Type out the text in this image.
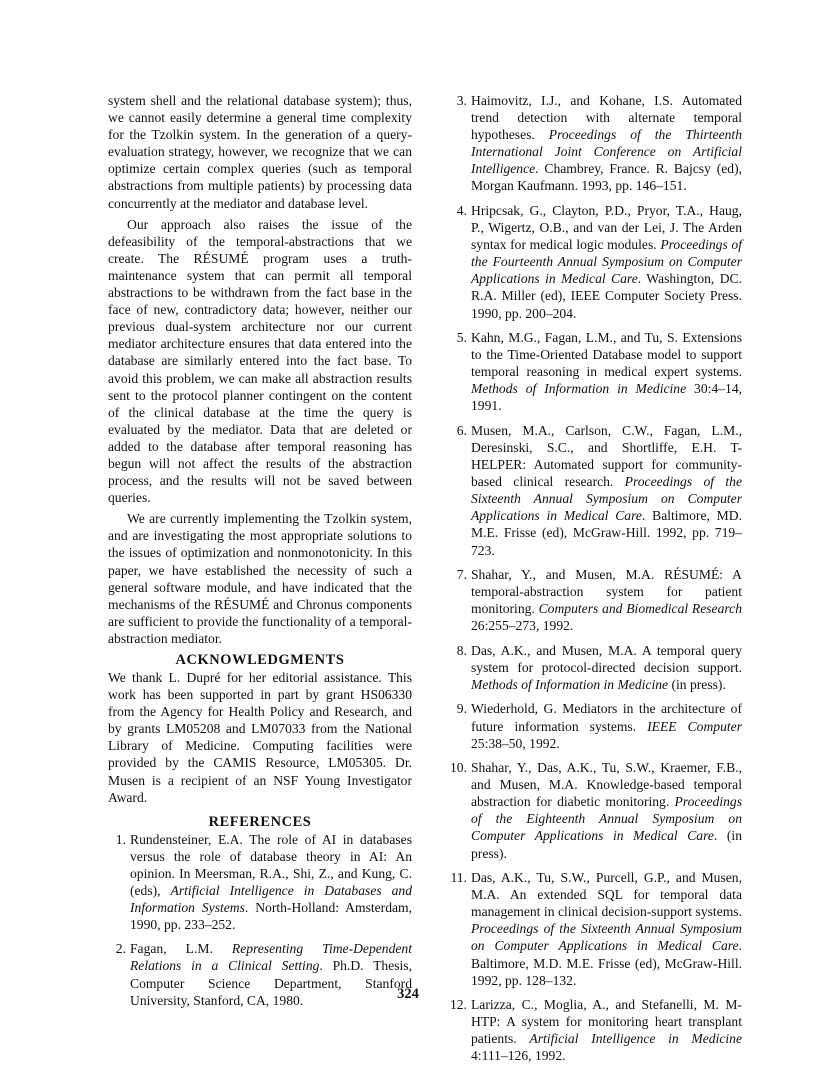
system shell and the relational database system); thus, we cannot easily determine a general time complexity for the Tzolkin system. In the generation of a query-evaluation strategy, however, we recognize that we can optimize certain complex queries (such as temporal abstractions from multiple patients) by processing data concurrently at the mediator and database level.

Our approach also raises the issue of the defeasibility of the temporal-abstractions that we create. The RÉSUMÉ program uses a truth-maintenance system that can permit all temporal abstractions to be withdrawn from the fact base in the face of new, contradictory data; however, neither our previous dual-system architecture nor our current mediator architecture ensures that data entered into the database are similarly entered into the fact base. To avoid this problem, we can make all abstraction results sent to the protocol planner contingent on the content of the clinical database at the time the query is evaluated by the mediator. Data that are deleted or added to the database after temporal reasoning has begun will not affect the results of the abstraction process, and the results will not be saved between queries.

We are currently implementing the Tzolkin system, and are investigating the most appropriate solutions to the issues of optimization and nonmonotonicity. In this paper, we have established the necessity of such a general software module, and have indicated that the mechanisms of the RÉSUMÉ and Chronus components are sufficient to provide the functionality of a temporal-abstraction mediator.

ACKNOWLEDGMENTS

We thank L. Dupré for her editorial assistance. This work has been supported in part by grant HS06330 from the Agency for Health Policy and Research, and by grants LM05208 and LM07033 from the National Library of Medicine. Computing facilities were provided by the CAMIS Resource, LM05305. Dr. Musen is a recipient of an NSF Young Investigator Award.

REFERENCES
1. Rundensteiner, E.A. The role of AI in databases versus the role of database theory in AI: An opinion. In Meersman, R.A., Shi, Z., and Kung, C. (eds), Artificial Intelligence in Databases and Information Systems. North-Holland: Amsterdam, 1990, pp. 233–252.
2. Fagan, L.M. Representing Time-Dependent Relations in a Clinical Setting. Ph.D. Thesis, Computer Science Department, Stanford University, Stanford, CA, 1980.
3. Haimovitz, I.J., and Kohane, I.S. Automated trend detection with alternate temporal hypotheses. Proceedings of the Thirteenth International Joint Conference on Artificial Intelligence. Chambrey, France. R. Bajcsy (ed), Morgan Kaufmann. 1993, pp. 146–151.
4. Hripcsak, G., Clayton, P.D., Pryor, T.A., Haug, P., Wigertz, O.B., and van der Lei, J. The Arden syntax for medical logic modules. Proceedings of the Fourteenth Annual Symposium on Computer Applications in Medical Care. Washington, DC. R.A. Miller (ed), IEEE Computer Society Press. 1990, pp. 200–204.
5. Kahn, M.G., Fagan, L.M., and Tu, S. Extensions to the Time-Oriented Database model to support temporal reasoning in medical expert systems. Methods of Information in Medicine 30:4–14, 1991.
6. Musen, M.A., Carlson, C.W., Fagan, L.M., Deresinski, S.C., and Shortliffe, E.H. T-HELPER: Automated support for community-based clinical research. Proceedings of the Sixteenth Annual Symposium on Computer Applications in Medical Care. Baltimore, MD. M.E. Frisse (ed), McGraw-Hill. 1992, pp. 719–723.
7. Shahar, Y., and Musen, M.A. RÉSUMÉ: A temporal-abstraction system for patient monitoring. Computers and Biomedical Research 26:255–273, 1992.
8. Das, A.K., and Musen, M.A. A temporal query system for protocol-directed decision support. Methods of Information in Medicine (in press).
9. Wiederhold, G. Mediators in the architecture of future information systems. IEEE Computer 25:38–50, 1992.
10. Shahar, Y., Das, A.K., Tu, S.W., Kraemer, F.B., and Musen, M.A. Knowledge-based temporal abstraction for diabetic monitoring. Proceedings of the Eighteenth Annual Symposium on Computer Applications in Medical Care. (in press).
11. Das, A.K., Tu, S.W., Purcell, G.P., and Musen, M.A. An extended SQL for temporal data management in clinical decision-support systems. Proceedings of the Sixteenth Annual Symposium on Computer Applications in Medical Care. Baltimore, M.D. M.E. Frisse (ed), McGraw-Hill. 1992, pp. 128–132.
12. Larizza, C., Moglia, A., and Stefanelli, M. M-HTP: A system for monitoring heart transplant patients. Artificial Intelligence in Medicine 4:111–126, 1992.
324
